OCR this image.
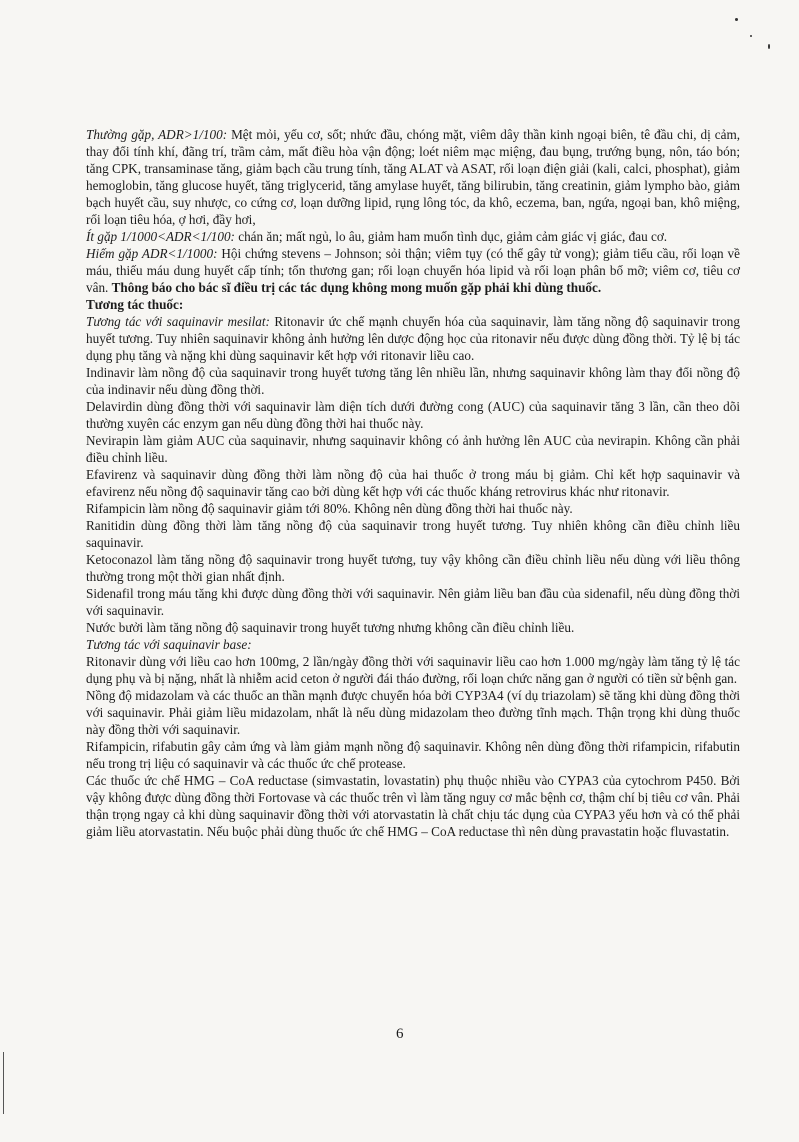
Thường gặp, ADR>1/100: Mệt mỏi, yếu cơ, sốt; nhức đầu, chóng mặt, viêm dây thần kinh ngoại biên, tê đầu chi, dị cảm, thay đổi tính khí, đãng trí, trầm cảm, mất điều hòa vận động; loét niêm mạc miệng, đau bụng, trướng bụng, nôn, táo bón; tăng CPK, transaminase tăng, giảm bạch cầu trung tính, tăng ALAT và ASAT, rối loạn điện giải (kali, calci, phosphat), giảm hemoglobin, tăng glucose huyết, tăng triglycerid, tăng amylase huyết, tăng bilirubin, tăng creatinin, giảm lympho bào, giảm bạch huyết cầu, suy nhược, co cứng cơ, loạn dưỡng lipid, rụng lông tóc, da khô, eczema, ban, ngứa, ngoại ban, khô miệng, rối loạn tiêu hóa, ợ hơi, đầy hơi,

Ít gặp 1/1000<ADR<1/100: chán ăn; mất ngủ, lo âu, giảm ham muốn tình dục, giảm cảm giác vị giác, đau cơ.

Hiếm gặp ADR<1/1000: Hội chứng stevens – Johnson; sỏi thận; viêm tụy (có thể gây tử vong); giảm tiểu cầu, rối loạn về máu, thiếu máu dung huyết cấp tính; tổn thương gan; rối loạn chuyển hóa lipid và rối loạn phân bố mỡ; viêm cơ, tiêu cơ vân. Thông báo cho bác sĩ điều trị các tác dụng không mong muốn gặp phải khi dùng thuốc.

Tương tác thuốc:

Tương tác với saquinavir mesilat: Ritonavir ức chế mạnh chuyển hóa của saquinavir, làm tăng nồng độ saquinavir trong huyết tương. Tuy nhiên saquinavir không ảnh hưởng lên dược động học của ritonavir nếu được dùng đồng thời. Tỷ lệ bị tác dụng phụ tăng và nặng khi dùng saquinavir kết hợp với ritonavir liều cao.

Indinavir làm nồng độ của saquinavir trong huyết tương tăng lên nhiều lần, nhưng saquinavir không làm thay đổi nồng độ của indinavir nếu dùng đồng thời.

Delavirdin dùng đồng thời với saquinavir làm diện tích dưới đường cong (AUC) của saquinavir tăng 3 lần, cần theo dõi thường xuyên các enzym gan nếu dùng đồng thời hai thuốc này.

Nevirapin làm giảm AUC của saquinavir, nhưng saquinavir không có ảnh hưởng lên AUC của nevirapin. Không cần phải điều chỉnh liều.

Efavirenz và saquinavir dùng đồng thời làm nồng độ của hai thuốc ở trong máu bị giảm. Chỉ kết hợp saquinavir và efavirenz nếu nồng độ saquinavir tăng cao bởi dùng kết hợp với các thuốc kháng retrovirus khác như ritonavir.

Rifampicin làm nồng độ saquinavir giảm tới 80%. Không nên dùng đồng thời hai thuốc này.

Ranitidin dùng đồng thời làm tăng nồng độ của saquinavir trong huyết tương. Tuy nhiên không cần điều chỉnh liều saquinavir.

Ketoconazol làm tăng nồng độ saquinavir trong huyết tương, tuy vậy không cần điều chỉnh liều nếu dùng với liều thông thường trong một thời gian nhất định.

Sidenafil trong máu tăng khi được dùng đồng thời với saquinavir. Nên giảm liều ban đầu của sidenafil, nếu dùng đồng thời với saquinavir.

Nước bưởi làm tăng nồng độ saquinavir trong huyết tương nhưng không cần điều chỉnh liều.

Tương tác với saquinavir base:

Ritonavir dùng với liều cao hơn 100mg, 2 lần/ngày đồng thời với saquinavir liều cao hơn 1.000 mg/ngày làm tăng tỷ lệ tác dụng phụ và bị nặng, nhất là nhiễm acid ceton ở người đái tháo đường, rối loạn chức năng gan ở người có tiền sử bệnh gan.

Nồng độ midazolam và các thuốc an thần mạnh được chuyển hóa bởi CYP3A4 (ví dụ triazolam) sẽ tăng khi dùng đồng thời với saquinavir. Phải giảm liều midazolam, nhất là nếu dùng midazolam theo đường tĩnh mạch. Thận trọng khi dùng thuốc này đồng thời với saquinavir.

Rifampicin, rifabutin gây cảm ứng và làm giảm mạnh nồng độ saquinavir. Không nên dùng đồng thời rifampicin, rifabutin nếu trong trị liệu có saquinavir và các thuốc ức chế protease.

Các thuốc ức chế HMG – CoA reductase (simvastatin, lovastatin) phụ thuộc nhiều vào CYPA3 của cytochrom P450. Bởi vậy không được dùng đồng thời Fortovase và các thuốc trên vì làm tăng nguy cơ mắc bệnh cơ, thậm chí bị tiêu cơ vân. Phải thận trọng ngay cả khi dùng saquinavir đồng thời với atorvastatin là chất chịu tác dụng của CYPA3 yếu hơn và có thể phải giảm liều atorvastatin. Nếu buộc phải dùng thuốc ức chế HMG – CoA reductase thì nên dùng pravastatin hoặc fluvastatin.

6
